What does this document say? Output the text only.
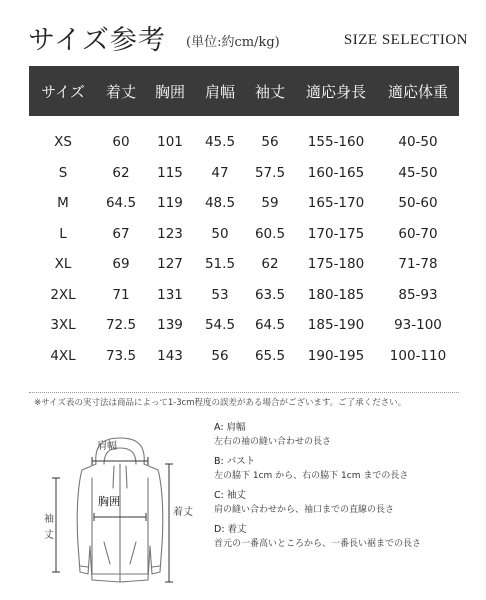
サイズ参考 (単位:約cm/kg)	SIZE SELECTION
サイズ	着丈	胸囲	肩幅	袖丈	適応身長	適応体重
XS	60	101	45.5	56	155-160	40-50
S	62	115	47	57.5	160-165	45-50
M	64.5	119	48.5	59	165-170	50-60
L	67	123	50	60.5	170-175	60-70
XL	69	127	51.5	62	175-180	71-78
2XL	71	131	53	63.5	180-185	85-93
3XL	72.5	139	54.5	64.5	185-190	93-100
4XL	73.5	143	56	65.5	190-195	100-110
※サイズ表の実寸法は商品によって1-3cm程度の誤差がある場合がございます。ご了承ください。
肩幅
胸囲
袖丈
着丈
A: 肩幅
左右の袖の縫い合わせの長さ
B: バスト
左の脇下 1cm から、右の脇下 1cm までの長さ
C: 袖丈
肩の縫い合わせから、袖口までの直線の長さ
D: 着丈
首元の一番高いところから、一番長い裾までの長さ
